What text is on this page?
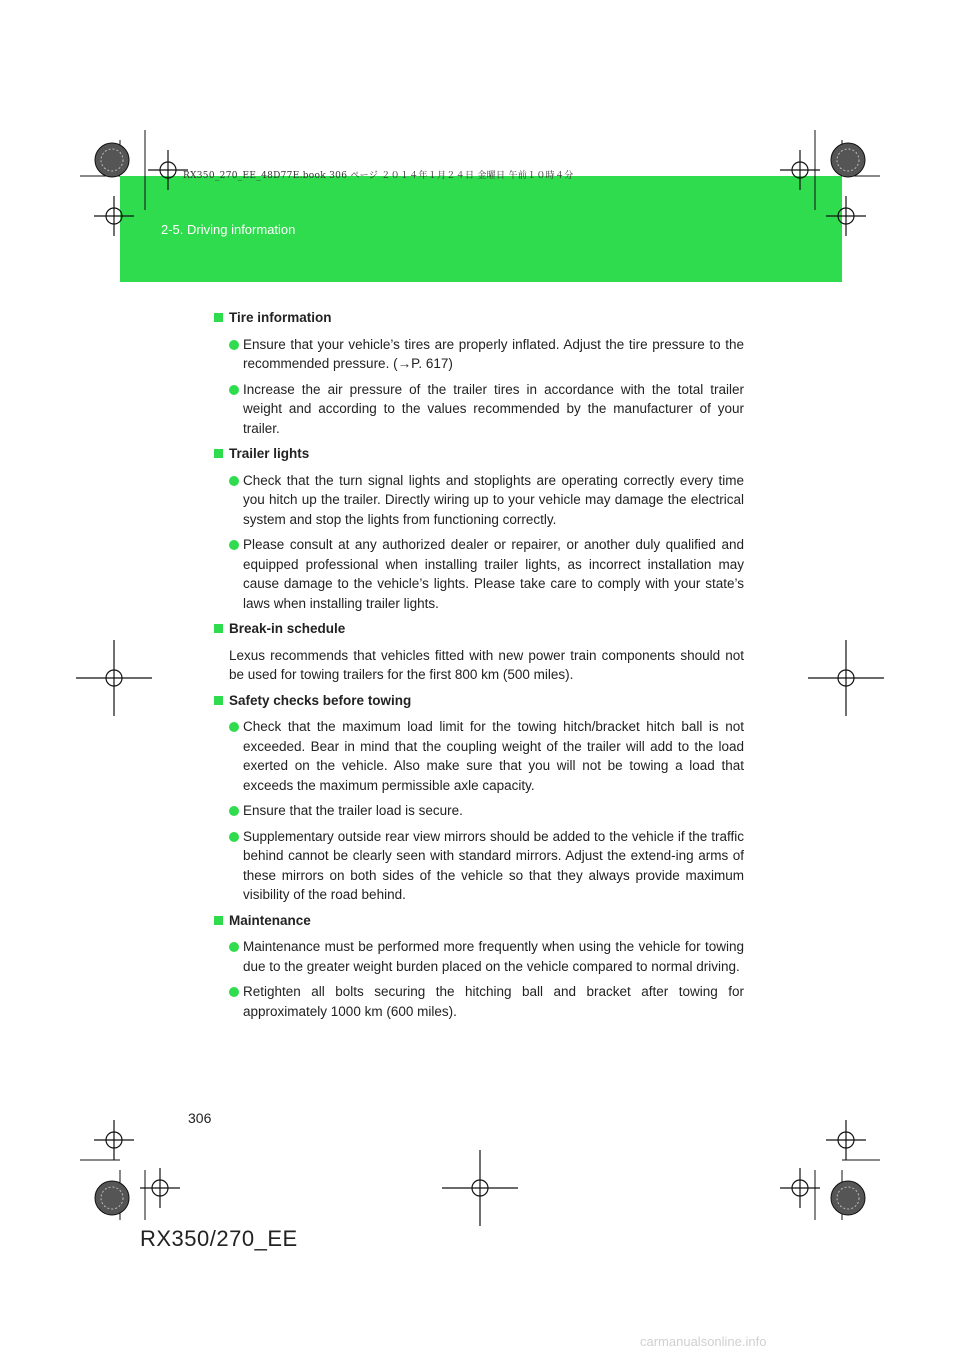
2-5. Driving information
RX350_270_EE_48D77E.book 306 ページ ２０１４年１月２４日 金曜日 午前１０時４分
Tire information
Ensure that your vehicle’s tires are properly inflated. Adjust the tire pressure to the recommended pressure. (→P. 617)
Increase the air pressure of the trailer tires in accordance with the total trailer weight and according to the values recommended by the manufacturer of your trailer.
Trailer lights
Check that the turn signal lights and stoplights are operating correctly every time you hitch up the trailer. Directly wiring up to your vehicle may damage the electrical system and stop the lights from functioning correctly.
Please consult at any authorized dealer or repairer, or another duly qualified and equipped professional when installing trailer lights, as incorrect installation may cause damage to the vehicle’s lights. Please take care to comply with your state’s laws when installing trailer lights.
Break-in schedule
Lexus recommends that vehicles fitted with new power train components should not be used for towing trailers for the first 800 km (500 miles).
Safety checks before towing
Check that the maximum load limit for the towing hitch/bracket hitch ball is not exceeded. Bear in mind that the coupling weight of the trailer will add to the load exerted on the vehicle. Also make sure that you will not be towing a load that exceeds the maximum permissible axle capacity.
Ensure that the trailer load is secure.
Supplementary outside rear view mirrors should be added to the vehicle if the traffic behind cannot be clearly seen with standard mirrors. Adjust the extend-ing arms of these mirrors on both sides of the vehicle so that they always provide maximum visibility of the road behind.
Maintenance
Maintenance must be performed more frequently when using the vehicle for towing due to the greater weight burden placed on the vehicle compared to normal driving.
Retighten all bolts securing the hitching ball and bracket after towing for approximately 1000 km (600 miles).
306
RX350/270_EE
carmanualsonline.info
